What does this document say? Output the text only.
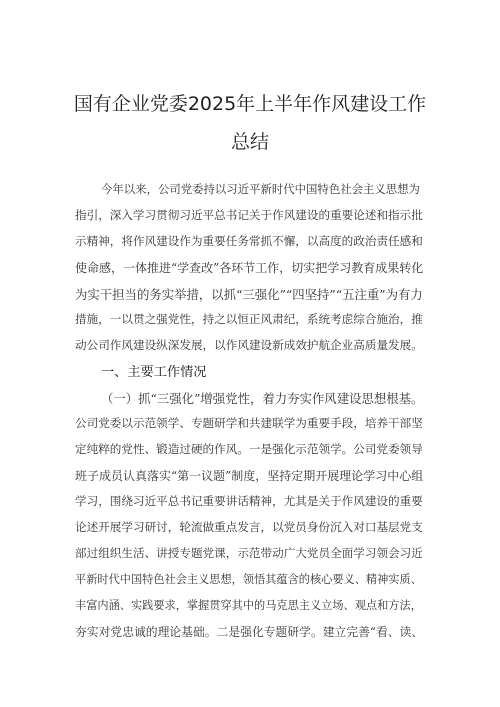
国有企业党委2025年上半年作风建设工作
总结
今年以来，公司党委持以习近平新时代中国特色社会主义思想为
指引，深入学习贯彻习近平总书记关于作风建设的重要论述和指示批
示精神，将作风建设作为重要任务常抓不懈，以高度的政治责任感和
使命感，一体推进“学查改”各环节工作，切实把学习教育成果转化
为实干担当的务实举措，以抓“三强化”“四坚持”“五注重”为有力
措施，一以贯之强党性，持之以恒正风肃纪，系统考虑综合施治，推
动公司作风建设纵深发展，以作风建设新成效护航企业高质量发展。
一、主要工作情况
（一）抓“三强化”增强党性，着力夯实作风建设思想根基。
公司党委以示范领学、专题研学和共建联学为重要手段，培养干部坚
定纯粹的党性、锻造过硬的作风。一是强化示范领学。公司党委领导
班子成员认真落实“第一议题”制度，坚持定期开展理论学习中心组
学习，围绕习近平总书记重要讲话精神，尤其是关于作风建设的重要
论述开展学习研讨，轮流做重点发言，以党员身份沉入对口基层党支
部过组织生活、讲授专题党课，示范带动广大党员全面学习领会习近
平新时代中国特色社会主义思想，领悟其蕴含的核心要义、精神实质、
丰富内涵、实践要求，掌握贯穿其中的马克思主义立场、观点和方法，
夯实对党忠诚的理论基础。二是强化专题研学。建立完善“看、读、
